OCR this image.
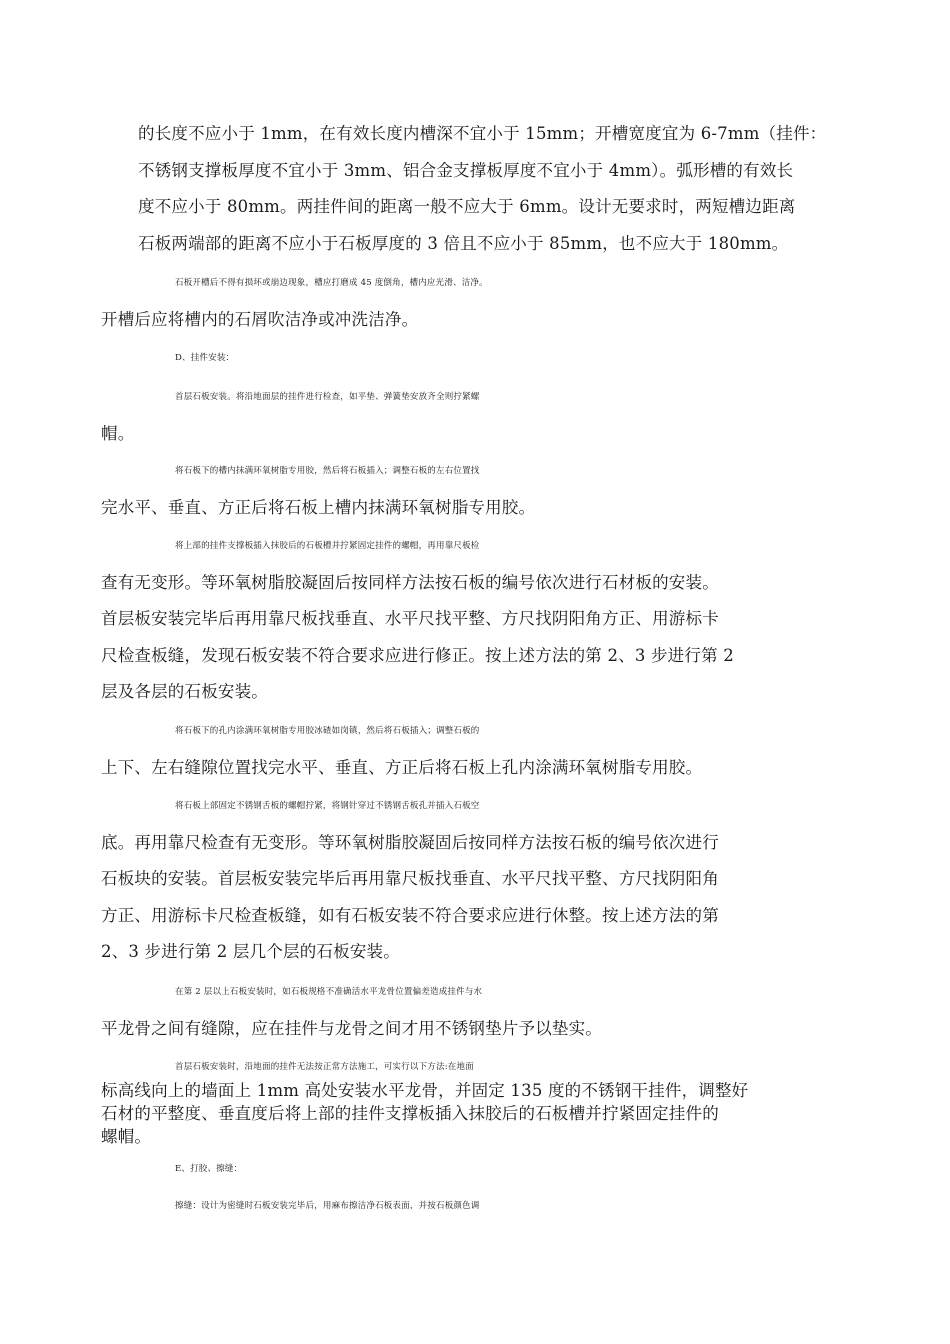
的长度不应小于 1mm，在有效长度内槽深不宜小于 15mm；开槽宽度宜为 6-7mm（挂件：
不锈钢支撑板厚度不宜小于 3mm、铝合金支撑板厚度不宜小于 4mm）。弧形槽的有效长
度不应小于 80mm。两挂件间的距离一般不应大于 6mm。设计无要求时，两短槽边距离
石板两端部的距离不应小于石板厚度的 3 倍且不应小于 85mm，也不应大于 180mm。

石板开槽后不得有损坏或崩边现象，槽应打磨成 45 度倒角，槽内应光滑、洁净。
开槽后应将槽内的石屑吹洁净或冲洗洁净。

D、挂件安装：

首层石板安装。将沿地面层的挂件进行检查，如平垫、弹簧垫安放齐全则拧紧螺
帽。

将石板下的槽内抹满环氧树脂专用胶，然后将石板插入；调整石板的左右位置找
完水平、垂直、方正后将石板上槽内抹满环氧树脂专用胶。

将上部的挂件支撑板插入抹胶后的石板槽并拧紧固定挂件的螺帽，再用靠尺板检
查有无变形。等环氧树脂胶凝固后按同样方法按石板的编号依次进行石材板的安装。
首层板安装完毕后再用靠尺板找垂直、水平尺找平整、方尺找阴阳角方正、用游标卡
尺检查板缝，发现石板安装不符合要求应进行修正。按上述方法的第 2、3 步进行第 2
层及各层的石板安装。

将石板下的孔内涂满环氧树脂专用胶冰碴如岗镇，然后将石板插入；调整石板的
上下、左右缝隙位置找完水平、垂直、方正后将石板上孔内涂满环氧树脂专用胶。

将石板上部固定不锈钢舌板的螺帽拧紧，将钢针穿过不锈钢舌板孔并插入石板空
底。再用靠尺检查有无变形。等环氧树脂胶凝固后按同样方法按石板的编号依次进行
石板块的安装。首层板安装完毕后再用靠尺板找垂直、水平尺找平整、方尺找阴阳角
方正、用游标卡尺检查板缝，如有石板安装不符合要求应进行休整。按上述方法的第
2、3 步进行第 2 层几个层的石板安装。

在第 2 层以上石板安装时，如石板规格不准确活水平龙骨位置偏差造成挂件与水
平龙骨之间有缝隙，应在挂件与龙骨之间才用不锈钢垫片予以垫实。

首层石板安装时，沿地面的挂件无法按正常方法施工，可实行以下方法:在地面
标高线向上的墙面上 1mm 高处安装水平龙骨，并固定 135 度的不锈钢干挂件，调整好
石材的平整度、垂直度后将上部的挂件支撑板插入抹胶后的石板槽并拧紧固定挂件的
螺帽。

E、打胶、擦缝：

擦缝：设计为密缝时石板安装完毕后，用麻布擦洁净石板表面，并按石板颜色调
